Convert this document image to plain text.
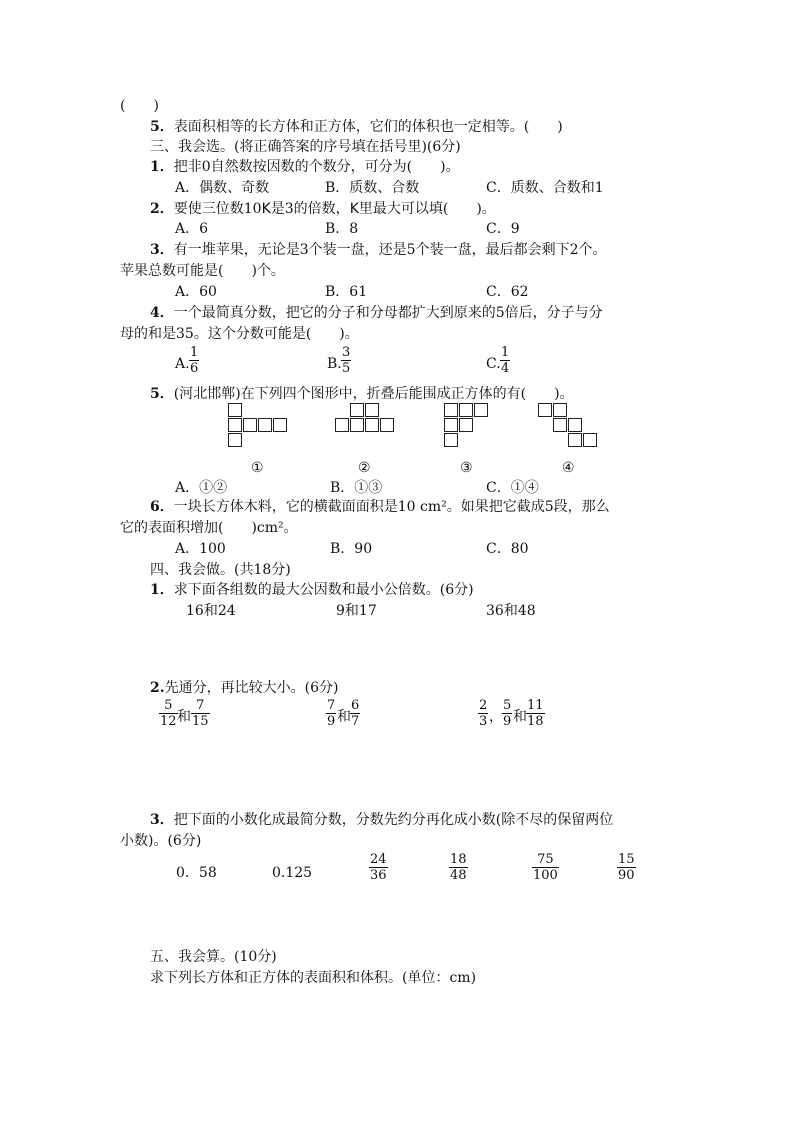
(　　)
5．表面积相等的长方体和正方体，它们的体积也一定相等。(　　)
三、我会选。(将正确答案的序号填在括号里)(6分)
1．把非0自然数按因数的个数分，可分为(　　)。
A．偶数、奇数	B．质数、合数	C．质数、合数和1
2．要使三位数10K是3的倍数，K里最大可以填(　　)。
A．6	B．8	C．9
3．有一堆苹果，无论是3个装一盘，还是5个装一盘，最后都会剩下2个。
苹果总数可能是(　　)个。
A．60	B．61	C．62
4．一个最简真分数，把它的分子和分母都扩大到原来的5倍后，分子与分
母的和是35。这个分数可能是(　　)。
A. $\frac{1}{6}$	B. $\frac{3}{5}$	C. $\frac{1}{4}$
5．(河北邯郸)在下列四个图形中，折叠后能围成正方体的有(　　)。
①	②	③	④
A．①②	B．①③	C．①④
6．一块长方体木料，它的横截面面积是10 cm²。如果把它截成5段，那么
它的表面积增加(　　)cm²。
A．100	B．90	C．80
四、我会做。(共18分)
1．求下面各组数的最大公因数和最小公倍数。(6分)
16和24	9和17	36和48
2.先通分，再比较大小。(6分)
$\frac{5}{12}$ 和 $\frac{7}{15}$	$\frac{7}{9}$ 和 $\frac{6}{7}$	$\frac{2}{3}$ ， $\frac{5}{9}$ 和 $\frac{11}{18}$
3．把下面的小数化成最简分数，分数先约分再化成小数(除不尽的保留两位
小数)。(6分)
0．58	0.125	$\frac{24}{36}$	$\frac{18}{48}$	$\frac{75}{100}$	$\frac{15}{90}$
五、我会算。(10分)
求下列长方体和正方体的表面积和体积。(单位：cm)
